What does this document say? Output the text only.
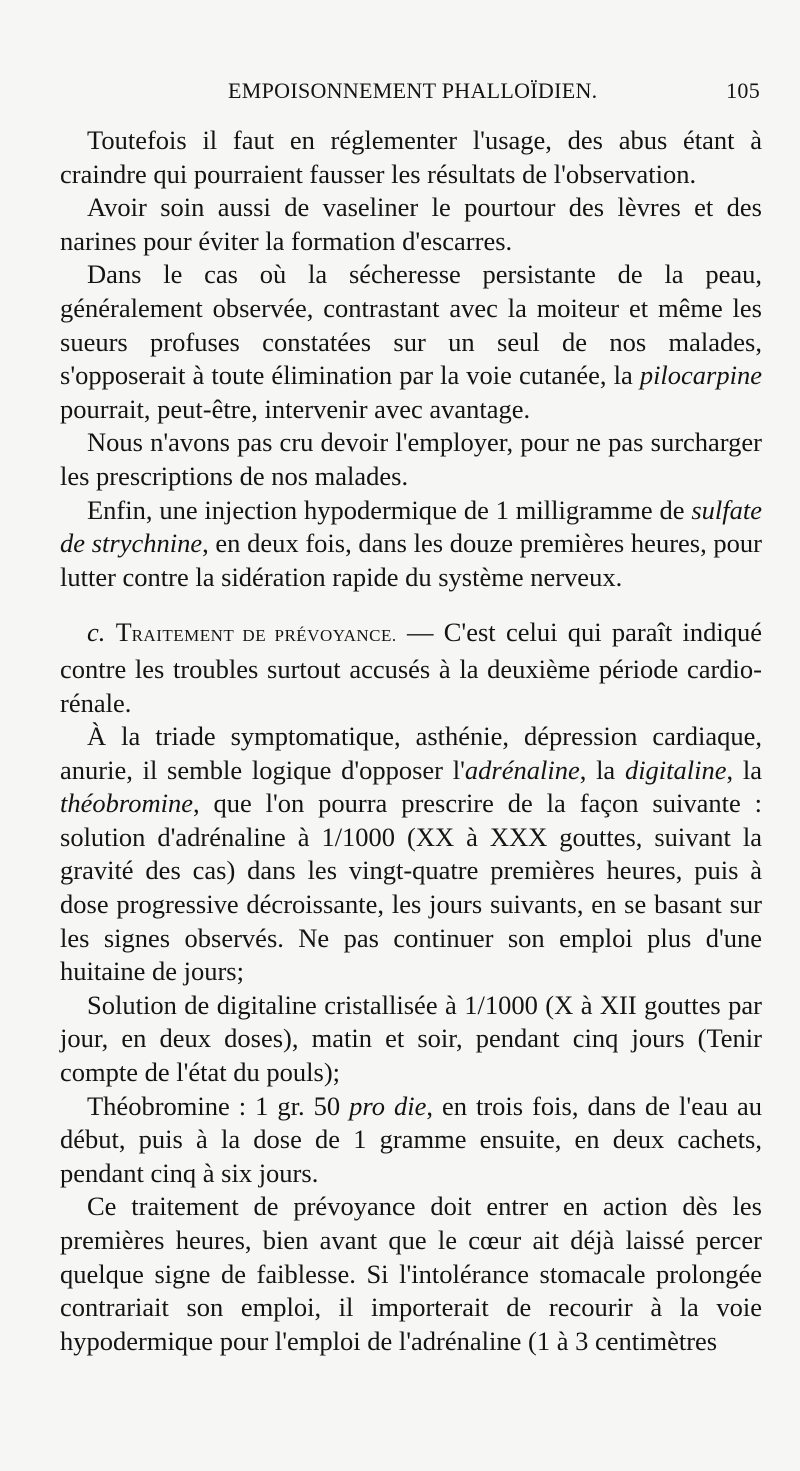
EMPOISONNEMENT PHALLOÏDIEN.	105

Toutefois il faut en réglementer l'usage, des abus étant à craindre qui pourraient fausser les résultats de l'observation.

Avoir soin aussi de vaseliner le pourtour des lèvres et des narines pour éviter la formation d'escarres.

Dans le cas où la sécheresse persistante de la peau, généralement observée, contrastant avec la moiteur et même les sueurs profuses constatées sur un seul de nos malades, s'opposerait à toute élimination par la voie cutanée, la pilocarpine pourrait, peut-être, intervenir avec avantage.

Nous n'avons pas cru devoir l'employer, pour ne pas surcharger les prescriptions de nos malades.

Enfin, une injection hypodermique de 1 milligramme de sulfate de strychnine, en deux fois, dans les douze premières heures, pour lutter contre la sidération rapide du système nerveux.

c. TRAITEMENT DE PRÉVOYANCE. — C'est celui qui paraît indiqué contre les troubles surtout accusés à la deuxième période cardio-rénale.

À la triade symptomatique, asthénie, dépression cardiaque, anurie, il semble logique d'opposer l'adrénaline, la digitaline, la théobromine, que l'on pourra prescrire de la façon suivante : solution d'adrénaline à 1/1000 (XX à XXX gouttes, suivant la gravité des cas) dans les vingt-quatre premières heures, puis à dose progressive décroissante, les jours suivants, en se basant sur les signes observés. Ne pas continuer son emploi plus d'une huitaine de jours;

Solution de digitaline cristallisée à 1/1000 (X à XII gouttes par jour, en deux doses), matin et soir, pendant cinq jours (Tenir compte de l'état du pouls);

Théobromine : 1 gr. 50 pro die, en trois fois, dans de l'eau au début, puis à la dose de 1 gramme ensuite, en deux cachets, pendant cinq à six jours.

Ce traitement de prévoyance doit entrer en action dès les premières heures, bien avant que le cœur ait déjà laissé percer quelque signe de faiblesse. Si l'intolérance stomacale prolongée contrariait son emploi, il importerait de recourir à la voie hypodermique pour l'emploi de l'adrénaline (1 à 3 centimètres
